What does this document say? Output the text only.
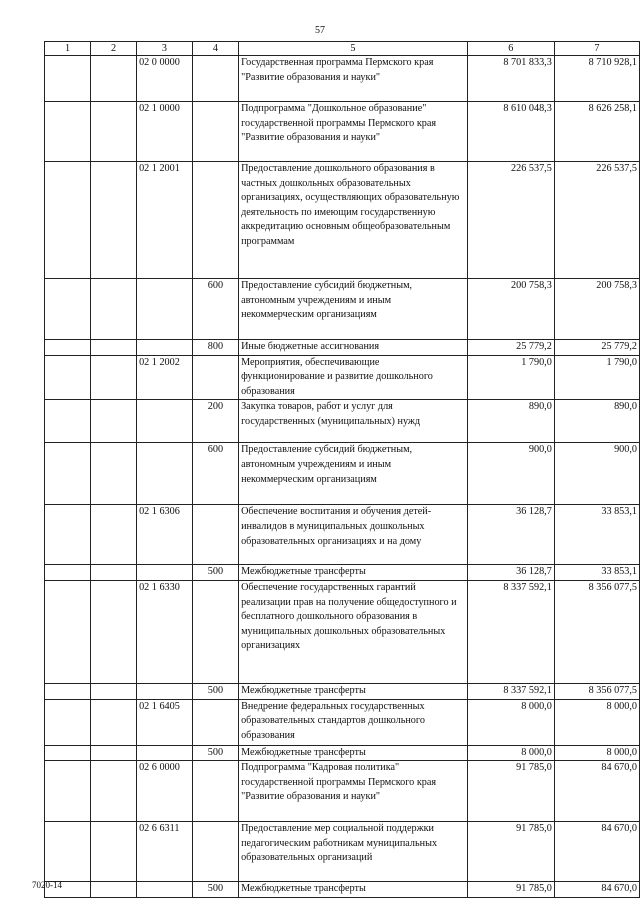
57
1	2	3	4	5	6	7
		02 0 0000		Государственная программа Пермского края "Развитие образования и науки"	8 701 833,3	8 710 928,1
		02 1 0000		Подпрограмма "Дошкольное образование" государственной программы Пермского края "Развитие образования и науки"	8 610 048,3	8 626 258,1
		02 1 2001		Предоставление дошкольного образования в частных дошкольных образовательных организациях, осуществляющих образовательную деятельность по имеющим государственную аккредитацию основным общеобразовательным программам	226 537,5	226 537,5
			600	Предоставление субсидий бюджетным, автономным учреждениям и иным некоммерческим организациям	200 758,3	200 758,3
			800	Иные бюджетные ассигнования	25 779,2	25 779,2
		02 1 2002		Мероприятия, обеспечивающие функционирование и развитие дошкольного образования	1 790,0	1 790,0
			200	Закупка товаров, работ и услуг для государственных (муниципальных) нужд	890,0	890,0
			600	Предоставление субсидий бюджетным, автономным учреждениям и иным некоммерческим организациям	900,0	900,0
		02 1 6306		Обеспечение воспитания и обучения детей-инвалидов в муниципальных дошкольных образовательных организациях и на дому	36 128,7	33 853,1
			500	Межбюджетные трансферты	36 128,7	33 853,1
		02 1 6330		Обеспечение государственных гарантий реализации прав на получение общедоступного и бесплатного дошкольного образования в муниципальных дошкольных образовательных организациях	8 337 592,1	8 356 077,5
			500	Межбюджетные трансферты	8 337 592,1	8 356 077,5
		02 1 6405		Внедрение федеральных государственных образовательных стандартов дошкольного образования	8 000,0	8 000,0
			500	Межбюджетные трансферты	8 000,0	8 000,0
		02 6 0000		Подпрограмма "Кадровая политика" государственной программы Пермского края "Развитие образования и науки"	91 785,0	84 670,0
		02 6 6311		Предоставление мер социальной поддержки педагогическим работникам муниципальных образовательных организаций	91 785,0	84 670,0
			500	Межбюджетные трансферты	91 785,0	84 670,0
7020-14
